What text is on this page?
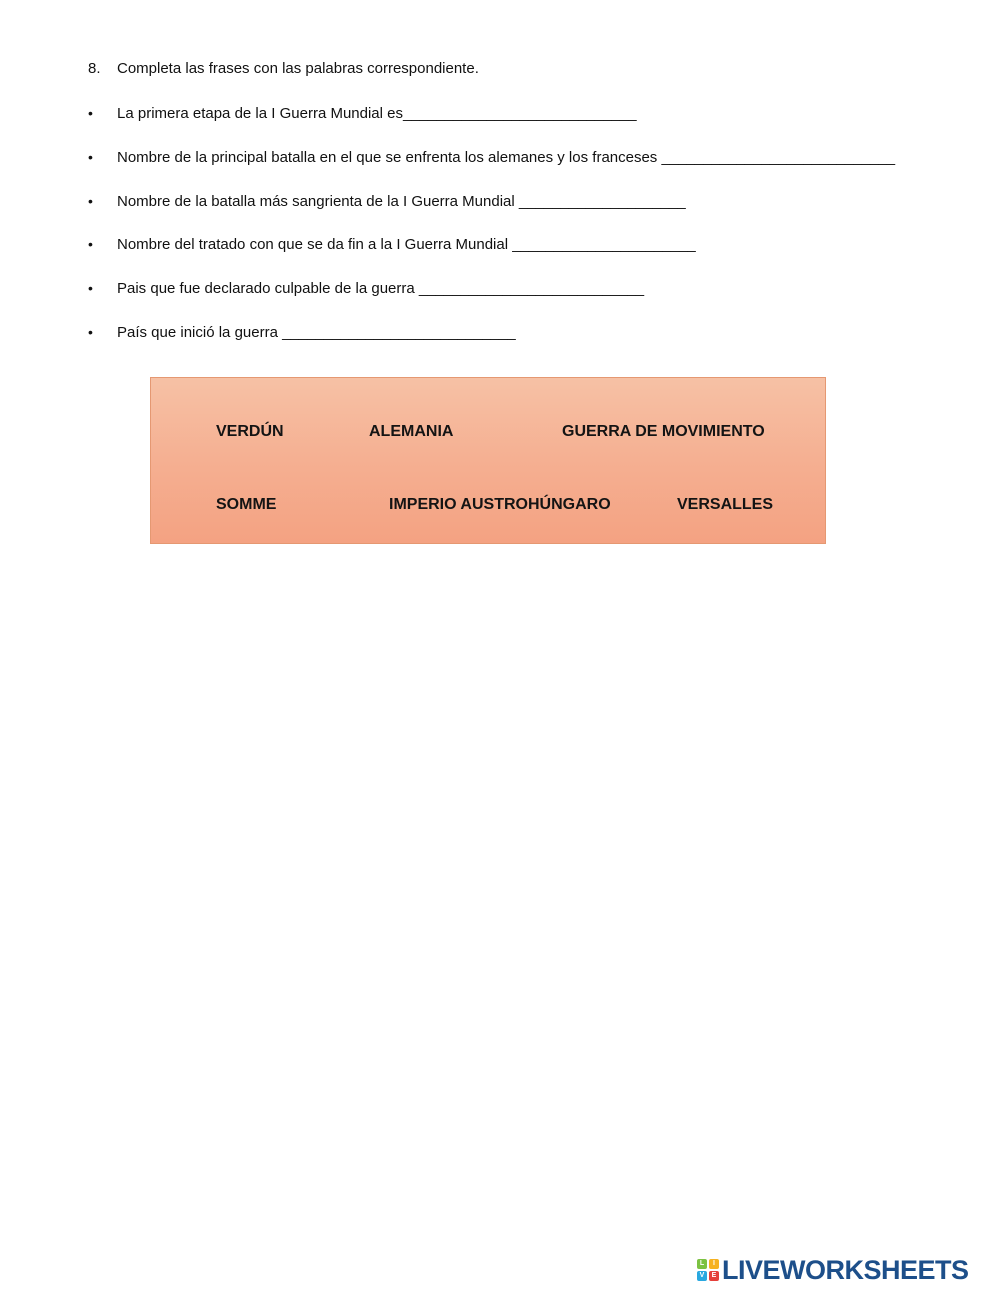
8. Completa las frases con las palabras correspondiente.
• La primera etapa de la I Guerra Mundial es____________________________
• Nombre de la principal batalla en el que se enfrenta los alemanes y los franceses ____________________________
• Nombre de la batalla más sangrienta de la I Guerra Mundial ____________________
• Nombre del tratado con que se da fin a la I Guerra Mundial ______________________
• Pais que fue declarado culpable de la guerra ___________________________
• País que inició la guerra ____________________________
VERDÚN	ALEMANIA	GUERRA DE MOVIMIENTO
SOMME	IMPERIO AUSTROHÚNGARO	VERSALLES
L	I
V	E LIVEWORKSHEETS
